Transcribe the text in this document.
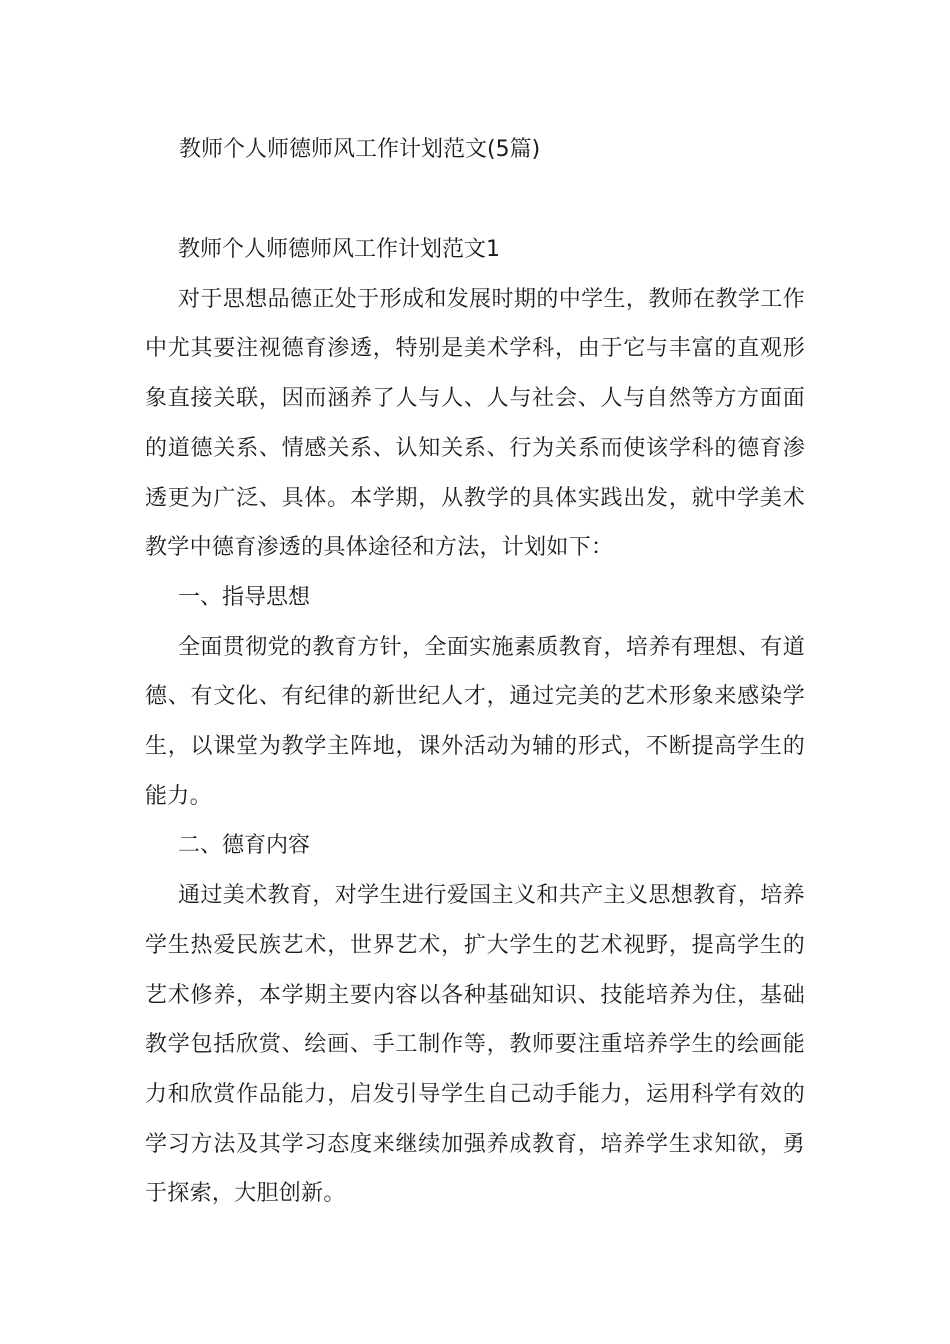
教师个人师德师风工作计划范文(5篇)

教师个人师德师风工作计划范文1

对于思想品德正处于形成和发展时期的中学生，教师在教学工作中尤其要注视德育渗透，特别是美术学科，由于它与丰富的直观形象直接关联，因而涵养了人与人、人与社会、人与自然等方方面面的道德关系、情感关系、认知关系、行为关系而使该学科的德育渗透更为广泛、具体。本学期，从教学的具体实践出发，就中学美术教学中德育渗透的具体途径和方法，计划如下：

一、指导思想

全面贯彻党的教育方针，全面实施素质教育，培养有理想、有道德、有文化、有纪律的新世纪人才，通过完美的艺术形象来感染学生，以课堂为教学主阵地，课外活动为辅的形式，不断提高学生的能力。

二、德育内容

通过美术教育，对学生进行爱国主义和共产主义思想教育，培养学生热爱民族艺术，世界艺术，扩大学生的艺术视野，提高学生的艺术修养，本学期主要内容以各种基础知识、技能培养为住，基础教学包括欣赏、绘画、手工制作等，教师要注重培养学生的绘画能力和欣赏作品能力，启发引导学生自己动手能力，运用科学有效的学习方法及其学习态度来继续加强养成教育，培养学生求知欲，勇于探索，大胆创新。
